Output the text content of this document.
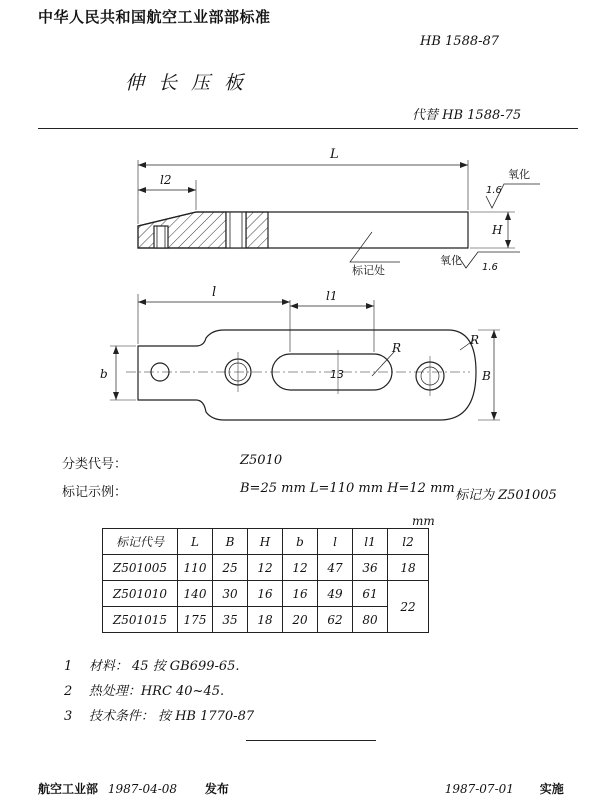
中华人民共和国航空工业部部标准
HB 1588-87
伸长压板
代替 HB 1588-75
L
l2
H
氧化
1.6
氧化
1.6
标记处
l	l1
b	B
R
R
13
分类代号：	Z5010
标记示例：	B=25 mm L=110 mm H=12 mm 标记为 Z501005
mm
标记代号	L	B	H	b	l	l1	l2
Z501005	110	25	12	12	47	36	18
Z501010	140	30	16	16	49	61	22
Z501015	175	35	18	20	62	80	
1 材料： 45 按 GB699-65.
2 热处理：HRC 40~45.
3 技术条件： 按 HB 1770-87
航空工业部 1987-04-08 发布	1987-07-01 实施
